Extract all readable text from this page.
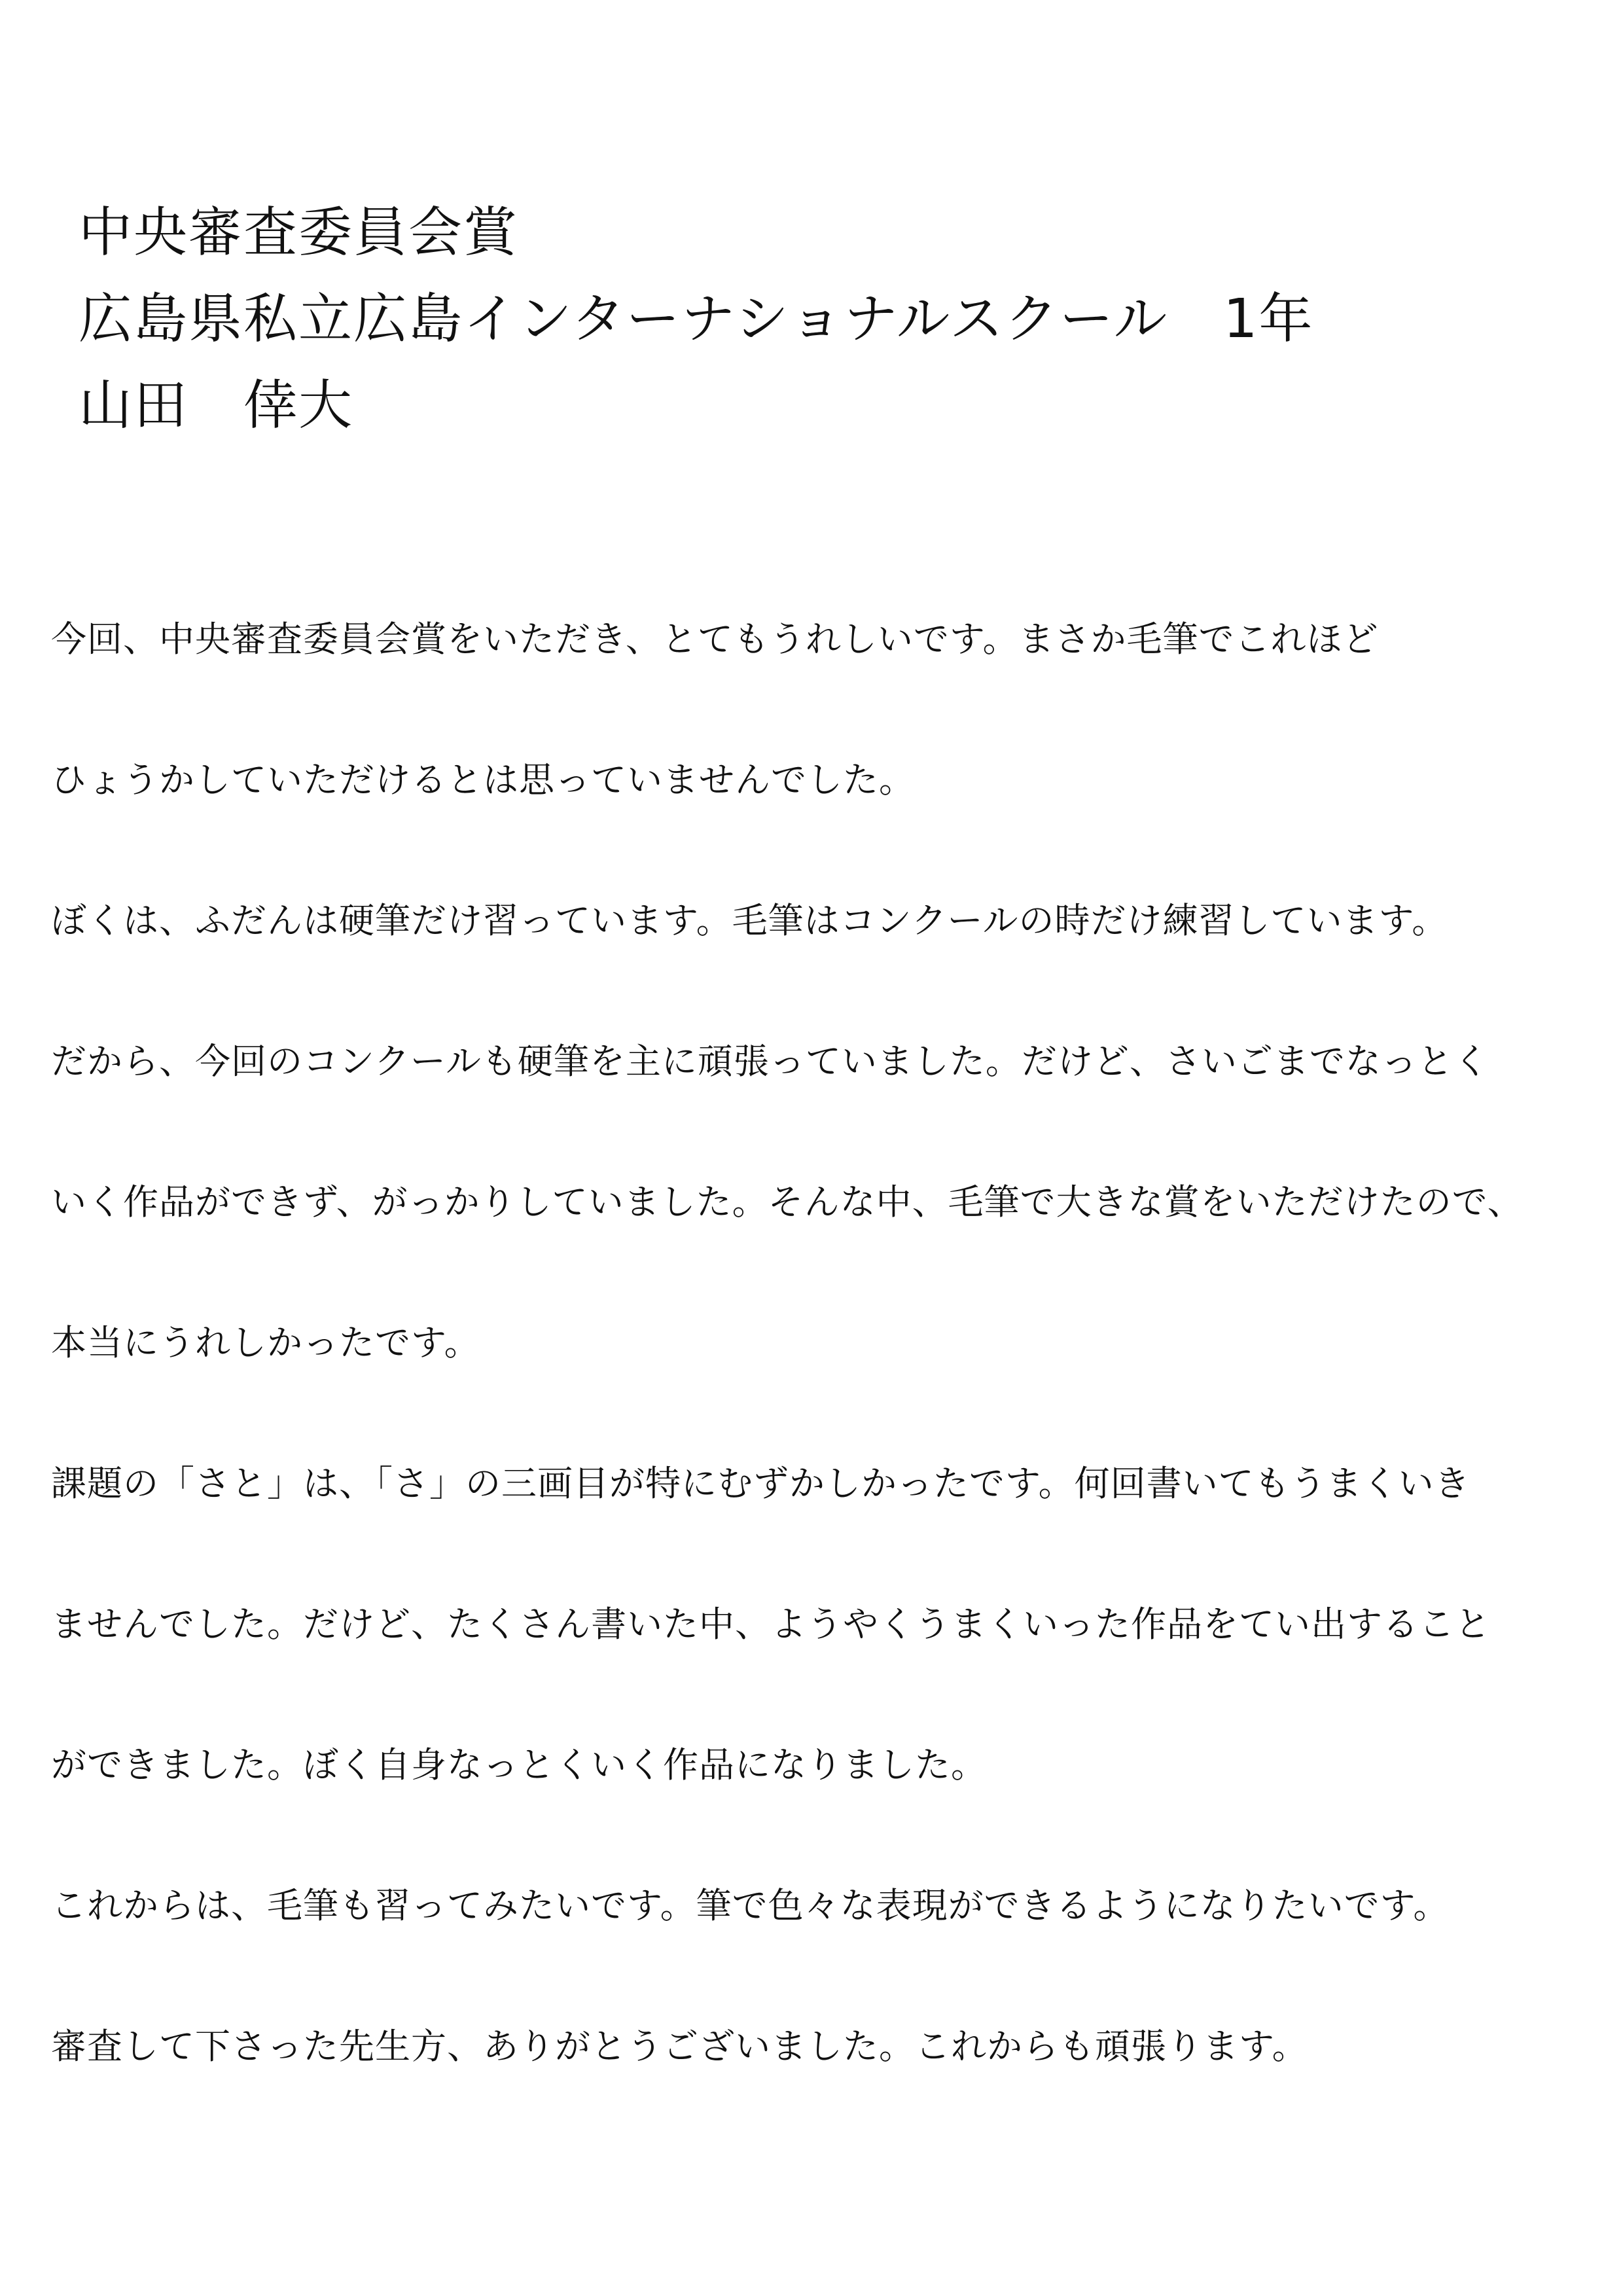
中央審査委員会賞
広島県私立広島インターナショナルスクール　1年
山田　倖大
今回、中央審査委員会賞をいただき、とてもうれしいです。まさか毛筆でこれほど
ひょうかしていただけるとは思っていませんでした。
ぼくは、ふだんは硬筆だけ習っています。毛筆はコンクールの時だけ練習しています。
だから、今回のコンクールも硬筆を主に頑張っていました。だけど、さいごまでなっとく
いく作品ができず、がっかりしていました。そんな中、毛筆で大きな賞をいただけたので、
本当にうれしかったです。
課題の「さと」は、「さ」の三画目が特にむずかしかったです。何回書いてもうまくいき
ませんでした。だけど、たくさん書いた中、ようやくうまくいった作品をてい出すること
ができました。ぼく自身なっとくいく作品になりました。
これからは、毛筆も習ってみたいです。筆で色々な表現ができるようになりたいです。
審査して下さった先生方、ありがとうございました。これからも頑張ります。
